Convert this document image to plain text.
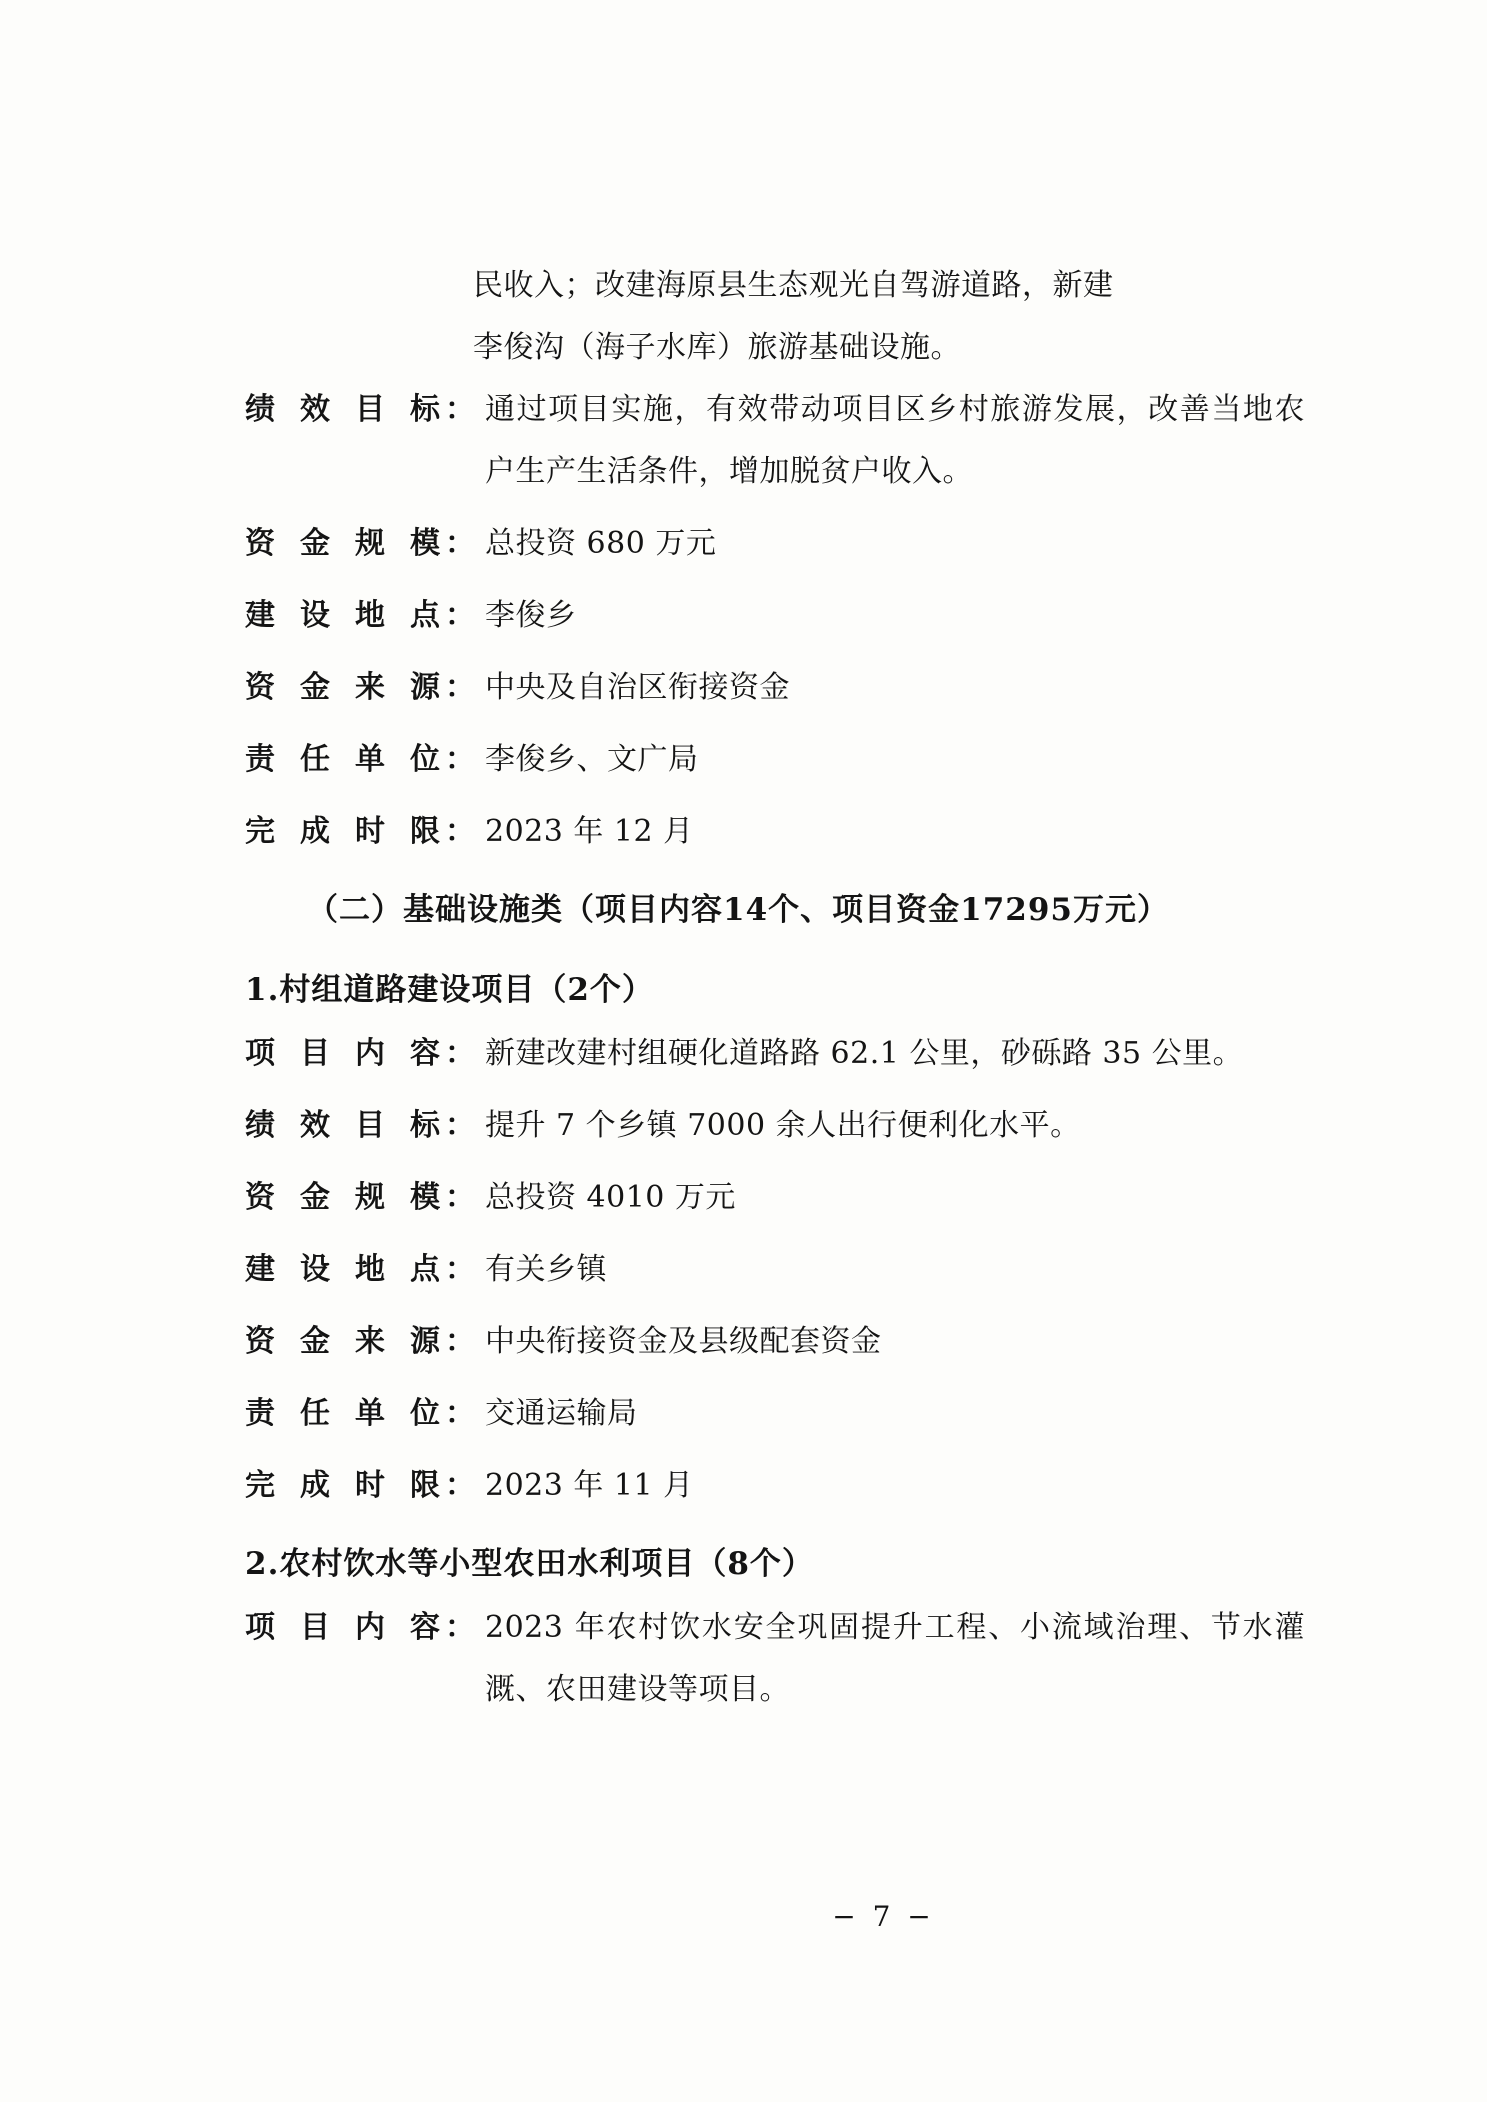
民收入；改建海原县生态观光自驾游道路，新建
李俊沟（海子水库）旅游基础设施。
绩效目标 ： 通过项目实施，有效带动项目区乡村旅游发展，改善当地农户生产生活条件，增加脱贫户收入。
资金规模 ： 总投资 680 万元
建设地点 ： 李俊乡
资金来源 ： 中央及自治区衔接资金
责任单位 ： 李俊乡、文广局
完成时限 ： 2023 年 12 月
（二）基础设施类（项目内容14个、项目资金17295万元）
1.村组道路建设项目（2个）
项目内容 ： 新建改建村组硬化道路路 62.1 公里，砂砾路 35 公里。
绩效目标 ： 提升 7 个乡镇 7000 余人出行便利化水平。
资金规模 ： 总投资 4010 万元
建设地点 ： 有关乡镇
资金来源 ： 中央衔接资金及县级配套资金
责任单位 ： 交通运输局
完成时限 ： 2023 年 11 月
2.农村饮水等小型农田水利项目（8个）
项目内容 ： 2023 年农村饮水安全巩固提升工程、小流域治理、节水灌溉、农田建设等项目。
− 7 −
